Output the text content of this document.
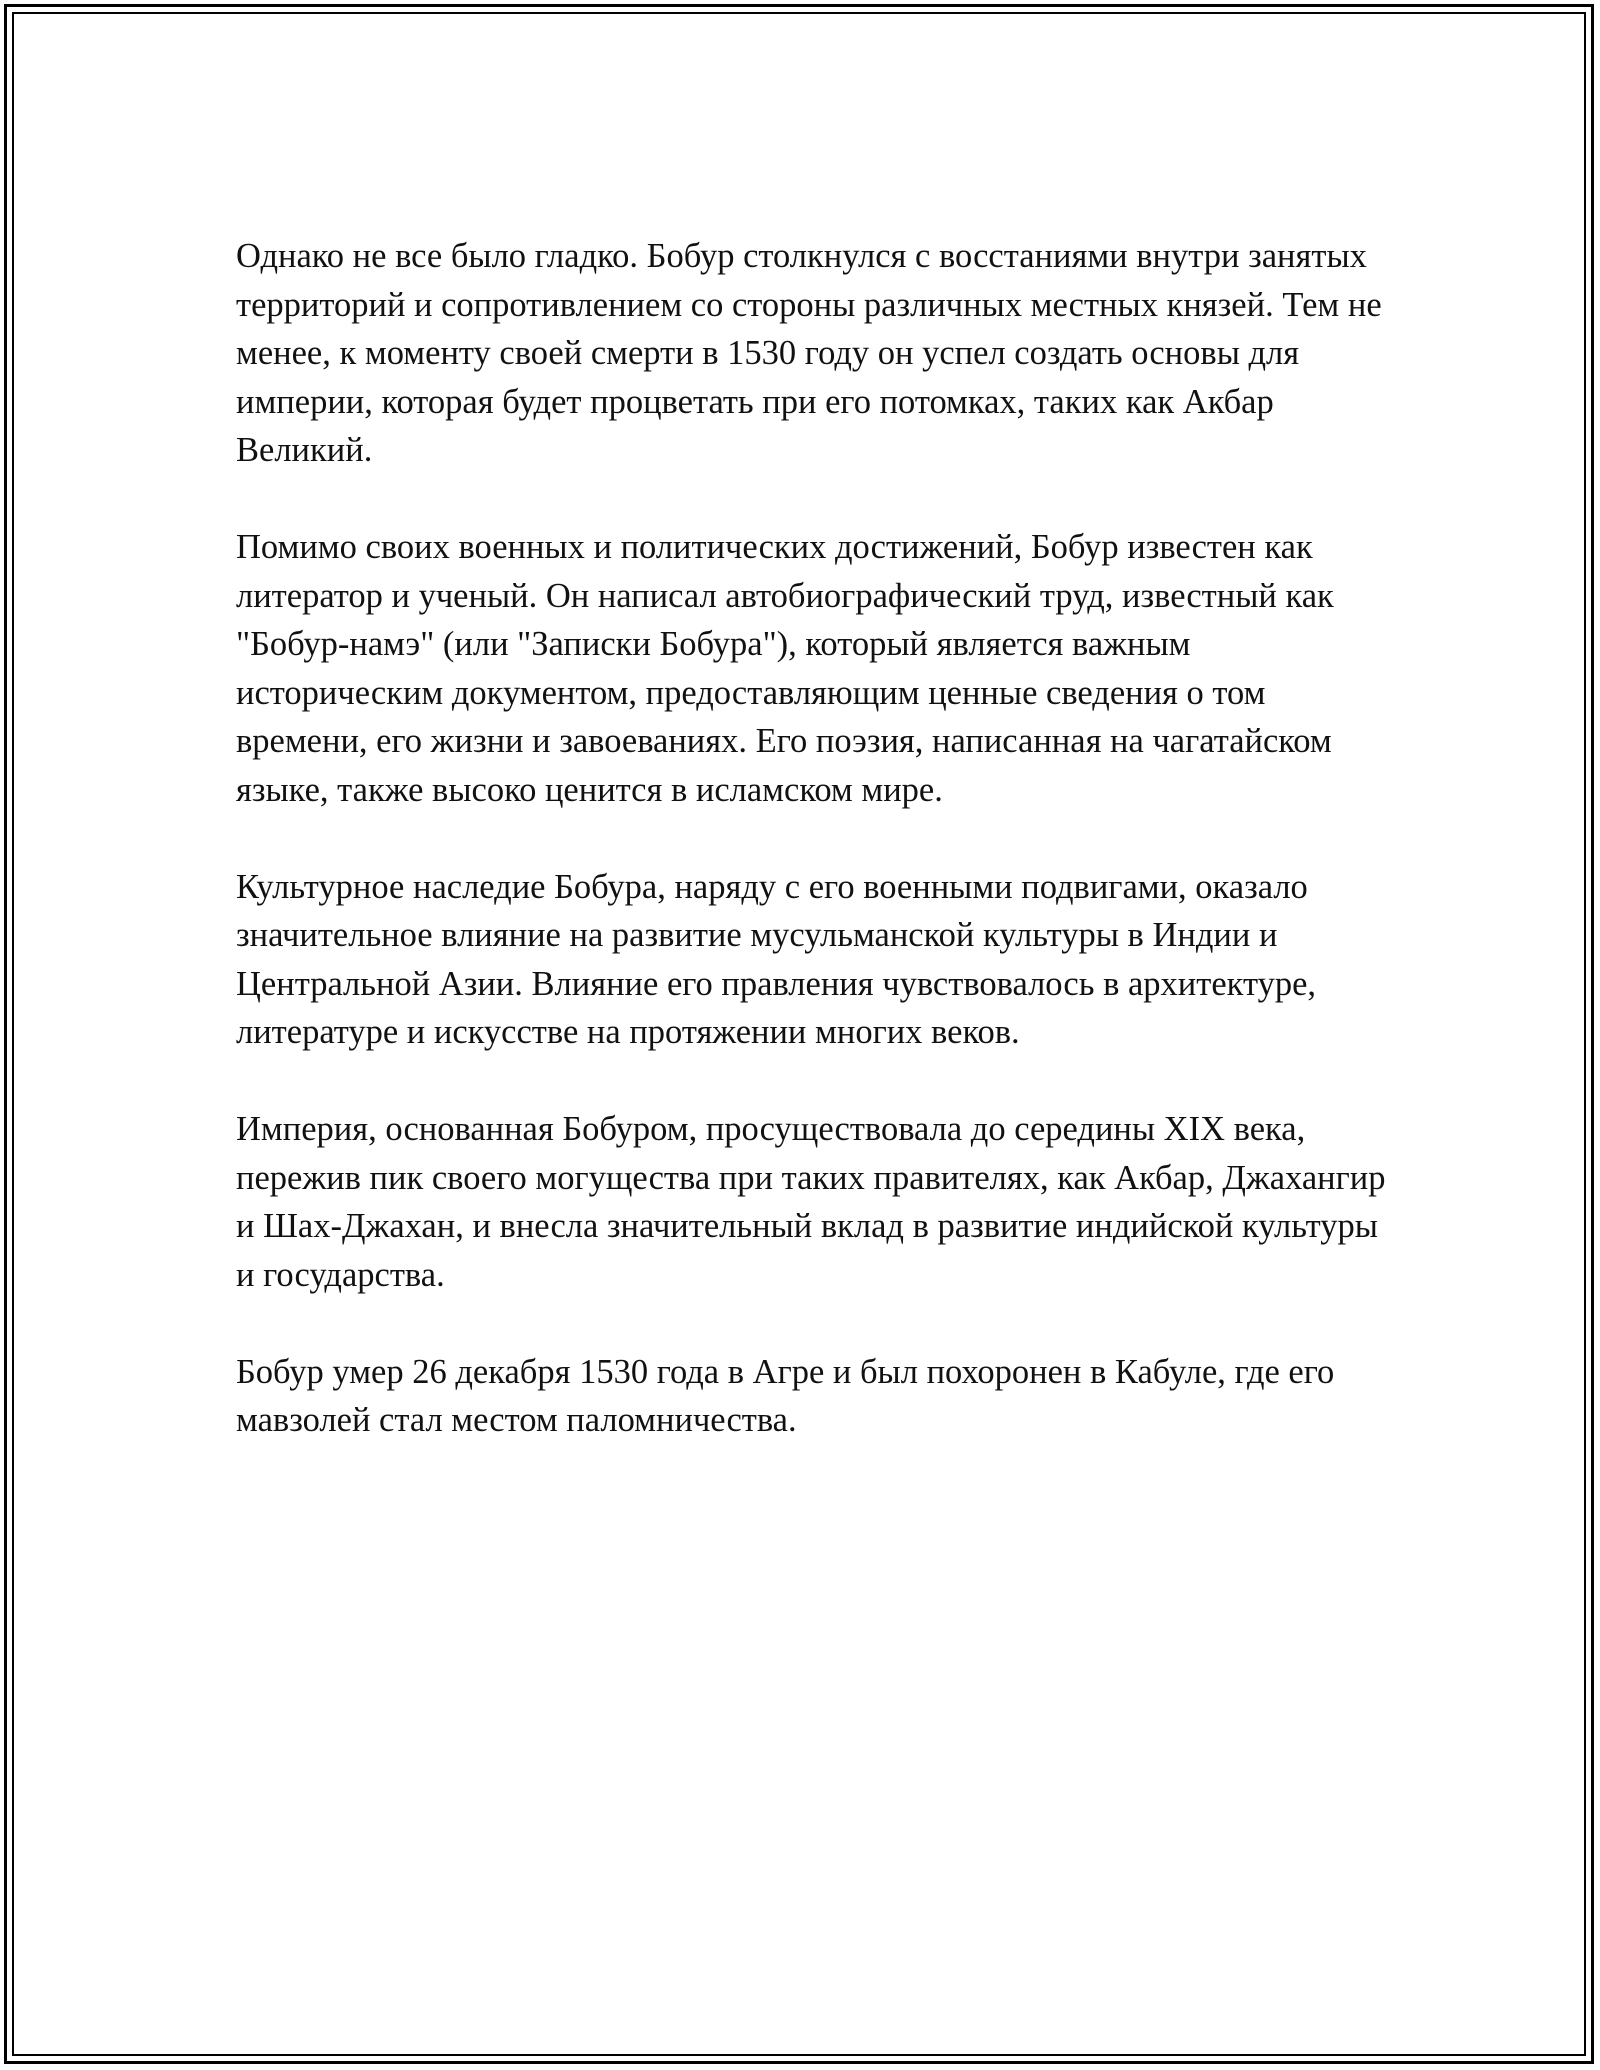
Однако не все было гладко. Бобур столкнулся с восстаниями внутри занятых территорий и сопротивлением со стороны различных местных князей. Тем не менее, к моменту своей смерти в 1530 году он успел создать основы для империи, которая будет процветать при его потомках, таких как Акбар Великий.

Помимо своих военных и политических достижений, Бобур известен как литератор и ученый. Он написал автобиографический труд, известный как "Бобур-намэ" (или "Записки Бобура"), который является важным историческим документом, предоставляющим ценные сведения о том времени, его жизни и завоеваниях. Его поэзия, написанная на чагатайском языке, также высоко ценится в исламском мире.

Культурное наследие Бобура, наряду с его военными подвигами, оказало значительное влияние на развитие мусульманской культуры в Индии и Центральной Азии. Влияние его правления чувствовалось в архитектуре, литературе и искусстве на протяжении многих веков.

Империя, основанная Бобуром, просуществовала до середины XIX века, пережив пик своего могущества при таких правителях, как Акбар, Джахангир и Шах-Джахан, и внесла значительный вклад в развитие индийской культуры и государства.

Бобур умер 26 декабря 1530 года в Агре и был похоронен в Кабуле, где его мавзолей стал местом паломничества.
